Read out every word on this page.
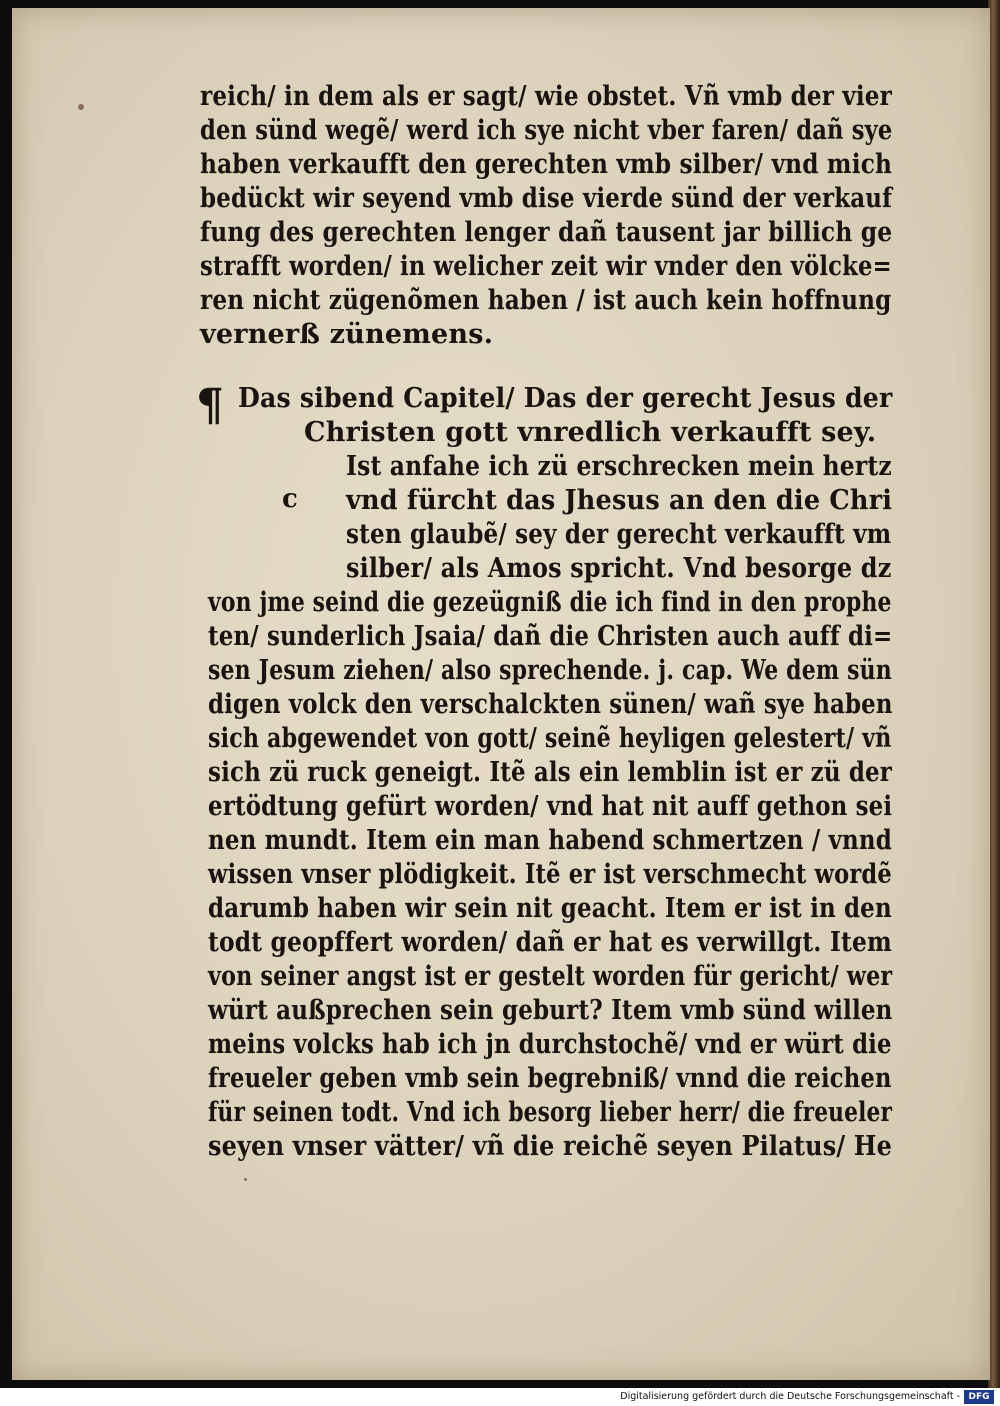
reich/ in dem als er sagt/ wie obstet. Vñ vmb der vier
den sünd wegẽ/ werd ich sye nicht vber faren/ dañ sye
haben verkaufft den gerechten vmb silber/ vnd mich
bedückt wir seyend vmb dise vierde sünd der verkauf
fung des gerechten lenger dañ tausent jar billich ge
strafft worden/ in welicher zeit wir vnder den völcke=
ren nicht zügenõmen haben / ist auch kein hoffnung
vernerß zünemens.
¶ Das sibend Capitel/ Das der gerecht Jesus der
Christen gott vnredlich verkaufft sey.
c
Ist anfahe ich zü erschrecken mein hertz
vnd fürcht das Jhesus an den die Chri
sten glaubẽ/ sey der gerecht verkaufft vm
silber/ als Amos spricht. Vnd besorge dz
von jme seind die gezeügniß die ich find in den prophe
ten/ sunderlich Jsaia/ dañ die Christen auch auff di=
sen Jesum ziehen/ also sprechende. j. cap. We dem sün
digen volck den verschalckten sünen/ wañ sye haben
sich abgewendet von gott/ seinẽ heyligen gelestert/ vñ
sich zü ruck geneigt. Itẽ als ein lemblin ist er zü der
ertödtung gefürt worden/ vnd hat nit auff gethon sei
nen mundt. Item ein man habend schmertzen / vnnd
wissen vnser plödigkeit. Itẽ er ist verschmecht wordẽ
darumb haben wir sein nit geacht. Item er ist in den
todt geopffert worden/ dañ er hat es verwillgt. Item
von seiner angst ist er gestelt worden für gericht/ wer
würt außprechen sein geburt? Item vmb sünd willen
meins volcks hab ich jn durchstochẽ/ vnd er würt die
freueler geben vmb sein begrebniß/ vnnd die reichen
für seinen todt. Vnd ich besorg lieber herr/ die freueler
seyen vnser vätter/ vñ die reichẽ seyen Pilatus/ He
Digitalisierung gefördert durch die Deutsche Forschungsgemeinschaft - DFG
